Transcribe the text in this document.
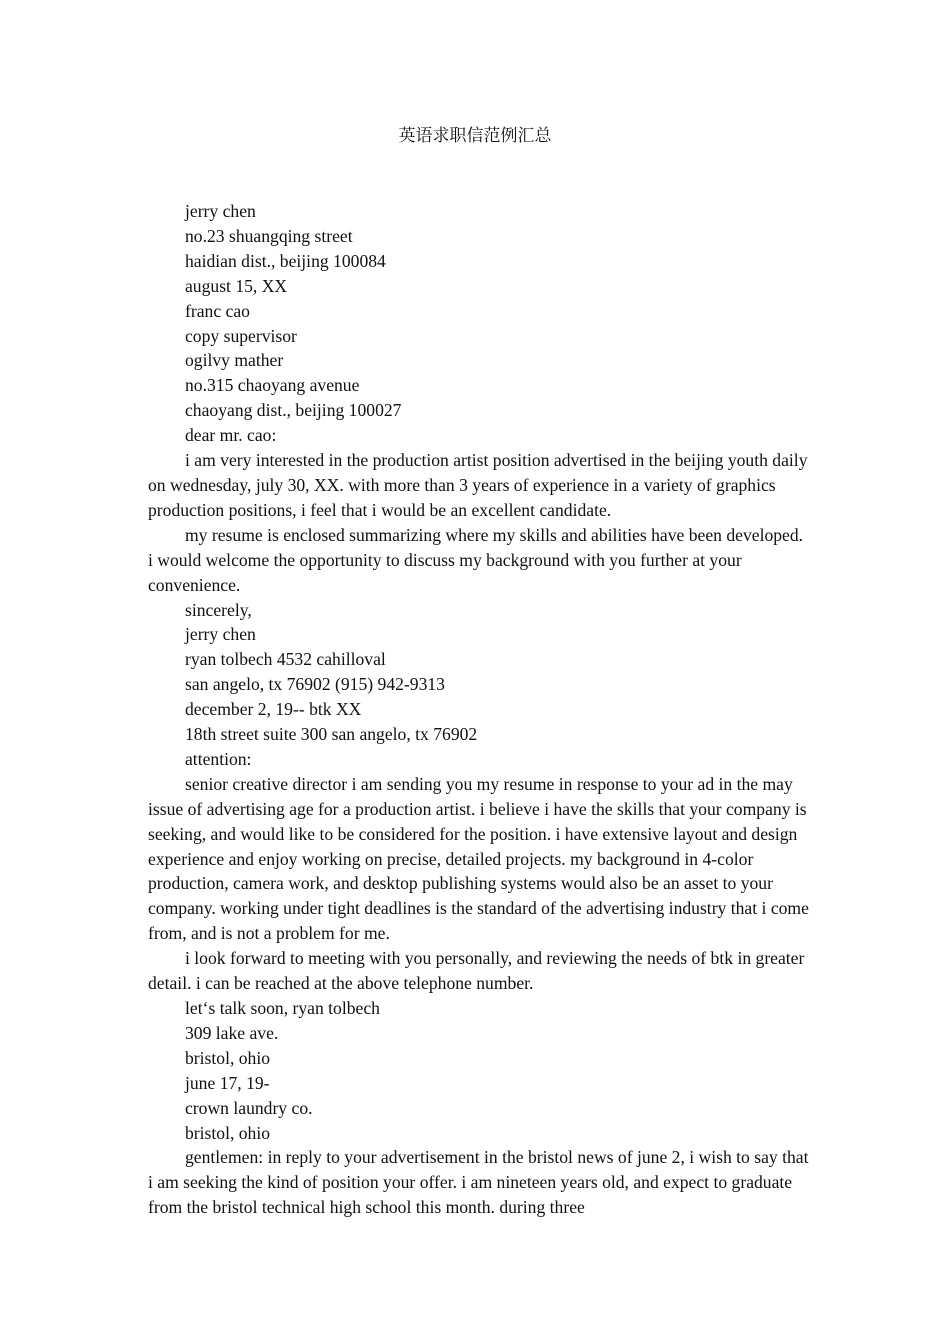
英语求职信范例汇总

jerry chen

no.23 shuangqing street

haidian dist., beijing 100084

august 15, XX

franc cao

copy supervisor

ogilvy mather

no.315 chaoyang avenue

chaoyang dist., beijing 100027

dear mr. cao:

i am very interested in the production artist position advertised in the beijing youth daily on wednesday, july 30, XX. with more than 3 years of experience in a variety of graphics production positions, i feel that i would be an excellent candidate.

my resume is enclosed summarizing where my skills and abilities have been developed. i would welcome the opportunity to discuss my background with you further at your convenience.

sincerely,

jerry chen

ryan tolbech 4532 cahilloval

san angelo, tx 76902 (915) 942-9313

december 2, 19-- btk XX

18th street suite 300 san angelo, tx 76902

attention:

senior creative director i am sending you my resume in response to your ad in the may issue of advertising age for a production artist. i believe i have the skills that your company is seeking, and would like to be considered for the position. i have extensive layout and design experience and enjoy working on precise, detailed projects. my background in 4-color production, camera work, and desktop publishing systems would also be an asset to your company. working under tight deadlines is the standard of the advertising industry that i come from, and is not a problem for me.

i look forward to meeting with you personally, and reviewing the needs of btk in greater detail. i can be reached at the above telephone number.

let‘s talk soon, ryan tolbech

309 lake ave.

bristol, ohio

june 17, 19-

crown laundry co.

bristol, ohio

gentlemen: in reply to your advertisement in the bristol news of june 2, i wish to say that i am seeking the kind of position your offer. i am nineteen years old, and expect to graduate from the bristol technical high school this month. during three
